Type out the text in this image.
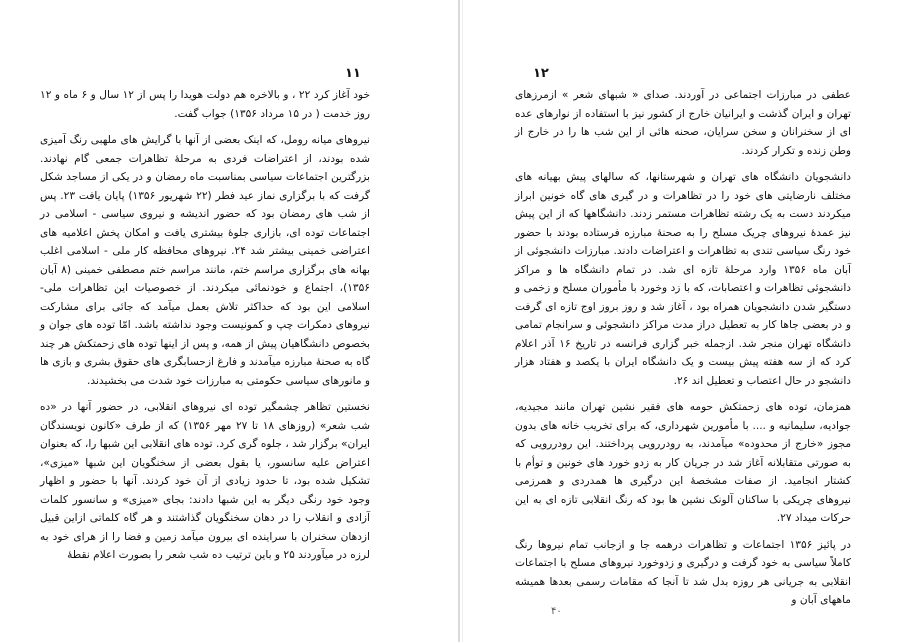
۱۱

خود آغاز کرد ۲۲ ، و بالاخره هم دولت هویدا را پس از ۱۲ سال و ۶ ماه و ۱۲ روز خدمت ( در ۱۵ مرداد ۱۳۵۶) جواب گفت.

نیروهای میانه رومل، که اینک بعضی از آنها با گرایش های ملهبی رنگ آمیزی شده بودند، از اعتراضات فردی به مرحلهٔ تظاهرات جمعی گام نهادند. بزرگترین اجتماعات سیاسی بمناسبت ماه رمضان و در یکی از مساجد شکل گرفت که با برگزاری نماز عید فطر (۲۲ شهریور ۱۳۵۶) پایان یافت ۲۳. پس از شب های رمضان بود که حضور اندیشه و نیروی سیاسی - اسلامی در اجتماعات توده ای، بازاری جلوهٔ بیشتری یافت و امکان پخش اعلامیه های اعتراضی خمینی بیشتر شد ۲۴. نیروهای محافظه کار ملی - اسلامی اغلب بهانه های برگزاری مراسم ختم، مانند مراسم ختم مصطفی خمینی (۸ آبان ۱۳۵۶)، اجتماع و خودنمائی میکردند. از خصوصیات این تظاهرات ملی- اسلامی این بود که حداکثر تلاش بعمل میآمد که جائی برای مشارکت نیروهای دمکرات چپ و کمونیست وجود نداشته باشد. امّا توده های جوان و بخصوص دانشگاهیان پیش از همه، و پس از اینها توده های زحمتکش هر چند گاه به صحنهٔ مبارزه میآمدند و فارغ ازحسابگری های حقوق بشری و بازی ها و مانورهای سیاسی حکومتی به مبارزات خود شدت می بخشیدند.

نخستین تظاهر چشمگیر توده ای نیروهای انقلابی، در حضور آنها در «ده شب شعر» (روزهای ۱۸ تا ۲۷ مهر ۱۳۵۶) که از طرف «کانون نویسندگان ایران» برگزار شد ، جلوه گری کرد. توده های انقلابی این شبها را، که بعنوان اعتراض علیه سانسور، یا بقول بعضی از سخنگویان این شبها «میزی»، تشکیل شده بود، تا حدود زیادی از آن خود کردند. آنها با حضور و اظهار وجود خود رنگی دیگر به این شبها دادند: بجای «میزی» و سانسور کلمات آزادی و انقلاب را در دهان سخنگویان گذاشتند و هر گاه کلماتی ازاین قبیل ازدهان سخنران با سراینده ای بیرون میآمد زمین و فضا را از هرای خود به لرزه در میآوردند ۲۵ و باین ترتیب ده شب شعر را بصورت اعلام نقطهٔ

۱۲

عطفی در مبارزات اجتماعی در آوردند. صدای « شبهای شعر » ازمرزهای تهران و ایران گذشت و ایرانیان خارج از کشور نیز با استفاده از نوارهای عده ای از سخنرانان و سخن سرایان، صحنه هائی از این شب ها را در خارج از وطن زنده و تکرار کردند.

دانشجویان دانشگاه های تهران و شهرستانها، که سالهای پیش بهیانه های مختلف نارضایتی های خود را در تظاهرات و در گیری های گاه خونین ابراز میکردند دست به یک رشته تظاهرات مستمر زدند. دانشگاهها که از این پیش نیز عمدهٔ نیروهای چریک مسلح را به صحنهٔ مبارزه فرستاده بودند با حضور خود رنگ سیاسی تندی به تظاهرات و اعتراضات دادند. مبارزات دانشجوئی از آبان ماه ۱۳۵۶ وارد مرحلهٔ تازه ای شد. در تمام دانشگاه ها و مراکز دانشجوئی تظاهرات و اعتصابات، که با زد وخورد با مأموران مسلح و زخمی و دستگیر شدن دانشجویان همراه بود ، آغاز شد و روز بروز اوج تازه ای گرفت و در بعضی جاها کار به تعطیل دراز مدت مراکز دانشجوئی و سرانجام تمامی دانشگاه تهران منجر شد. ازجمله خبر گزاری فرانسه در تاریخ ۱۶ آذر اعلام کرد که از سه هفته پیش بیست و یک دانشگاه ایران با یکصد و هفتاد هزار دانشجو در حال اعتصاب و تعطیل اند ۲۶.

همزمان، توده های زحمتکش حومه های فقیر نشین تهران مانند مجیدیه، جوادیه، سلیمانیه و .... با مأمورین شهرداری، که برای تخریب خانه های بدون مجوز «خارج از محدوده» میآمدند، به رودررویی پرداختند. این رودررویی که به صورتی متقابلانه آغاز شد در جریان کار به زدو خورد های خونین و توأم با کشتار انجامید. از صفات مشخصهٔ این درگیری ها همدردی و همرزمی نیروهای چریکی با ساکنان آلونک نشین ها بود که رنگ انقلابی تازه ای به این حرکات میداد ۲۷.

در پائیز ۱۳۵۶ اجتماعات و تظاهرات درهمه جا و ازجانب تمام نیروها رنگ کاملاً سیاسی به خود گرفت و درگیری و زدوخورد نیروهای مسلح با اجتماعات انقلابی به جریانی هر روزه بدل شد تا آنجا که مقامات رسمی بعدها همیشه ماههای آبان و

۴۰
